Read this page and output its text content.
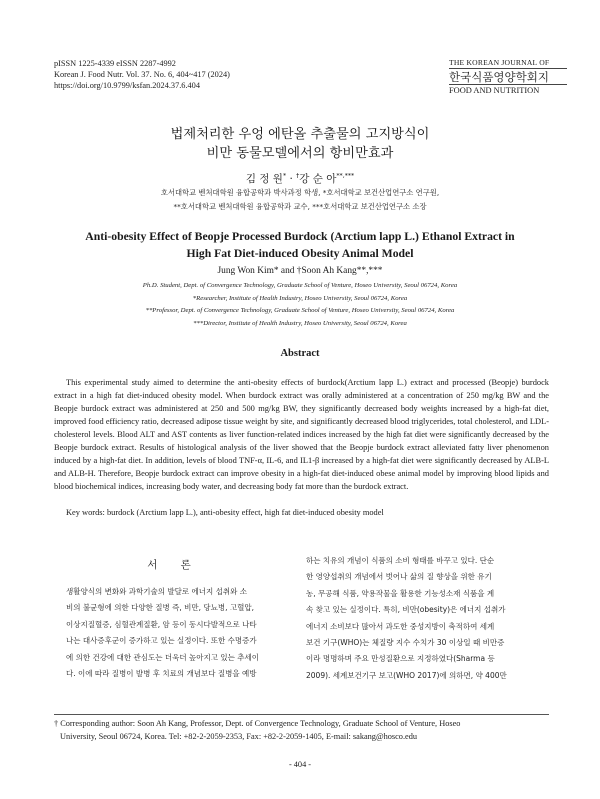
pISSN 1225-4339 eISSN 2287-4992
Korean J. Food Nutr. Vol. 37. No. 6, 404~417 (2024)
https://doi.org/10.9799/ksfan.2024.37.6.404
THE KOREAN JOURNAL OF
한국식품영양학회지
FOOD AND NUTRITION
법제처리한 우엉 에탄올 추출물의 고지방식이
비만 동물모델에서의 항비만효과
김 정 원* · †강 순 아**,***
호서대학교 벤처대학원 융합공학과 박사과정 학생, *호서대학교 보건산업연구소 연구원,
**호서대학교 벤처대학원 융합공학과 교수, ***호서대학교 보건산업연구소 소장
Anti-obesity Effect of Beopje Processed Burdock (Arctium lapp L.) Ethanol Extract in
High Fat Diet-induced Obesity Animal Model
Jung Won Kim* and †Soon Ah Kang**,***
Ph.D. Student, Dept. of Convergence Technology, Graduate School of Venture, Hoseo University, Seoul 06724, Korea
*Researcher, Institute of Health Industry, Hoseo University, Seoul 06724, Korea
**Professor, Dept. of Convergence Technology, Graduate School of Venture, Hoseo University, Seoul 06724, Korea
***Director, Institute of Health Industry, Hoseo University, Seoul 06724, Korea
Abstract
This experimental study aimed to determine the anti-obesity effects of burdock(Arctium lapp L.) extract and processed (Beopje) burdock extract in a high fat diet-induced obesity model. When burdock extract was orally administered at a concentration of 250 mg/kg BW and the Beopje burdock extract was administered at 250 and 500 mg/kg BW, they significantly decreased body weights increased by a high-fat diet, improved food efficiency ratio, decreased adipose tissue weight by site, and significantly decreased blood triglycerides, total cholesterol, and LDL-cholesterol levels. Blood ALT and AST contents as liver function-related indices increased by the high fat diet were significantly decreased by the Beopje burdock extract. Results of histological analysis of the liver showed that the Beopje burdock extract alleviated fatty liver phenomenon induced by a high-fat diet. In addition, levels of blood TNF-α, IL-6, and IL1-β increased by a high-fat diet were significantly decreased by ALB-L and ALB-H. Therefore, Beopje burdock extract can improve obesity in a high-fat diet-induced obese animal model by improving blood lipids and blood biochemical indices, increasing body water, and decreasing body fat more than the burdock extract.
Key words: burdock (Arctium lapp L.), anti-obesity effect, high fat diet-induced obesity model
서 론
생활양식의 변화와 과학기술의 발달로 에너지 섭취와 소
비의 불균형에 의한 다양한 질병 즉, 비만, 당뇨병, 고혈압,
이상지질혈증, 심혈관계질환, 암 등이 동시다발적으로 나타
나는 대사증후군이 증가하고 있는 실정이다. 또한 수명증가
에 의한 건강에 대한 관심도는 더욱더 높아지고 있는 추세이
다. 이에 따라 질병이 발병 후 치료의 개념보다 질병을 예방
하는 치유의 개념이 식품의 소비 형태를 바꾸고 있다. 단순
한 영양섭취의 개념에서 벗어나 삶의 질 향상을 위한 유기
농, 무공해 식품, 약용작물을 활용한 기능성소재 식품을 계
속 찾고 있는 실정이다. 특히, 비만(obesity)은 에너지 섭취가
에너지 소비보다 많아서 과도한 중성지방이 축적하여 세계
보건 기구(WHO)는 체질량 지수 수치가 30 이상일 때 비만증
이라 명명하며 주요 만성질환으로 지정하였다(Sharma 등
2009). 세계보건기구 보고(WHO 2017)에 의하면, 약 400만
† Corresponding author: Soon Ah Kang, Professor, Dept. of Convergence Technology, Graduate School of Venture, Hoseo
University, Seoul 06724, Korea. Tel: +82-2-2059-2353, Fax: +82-2-2059-1405, E-mail: sakang@hosco.edu
- 404 -
